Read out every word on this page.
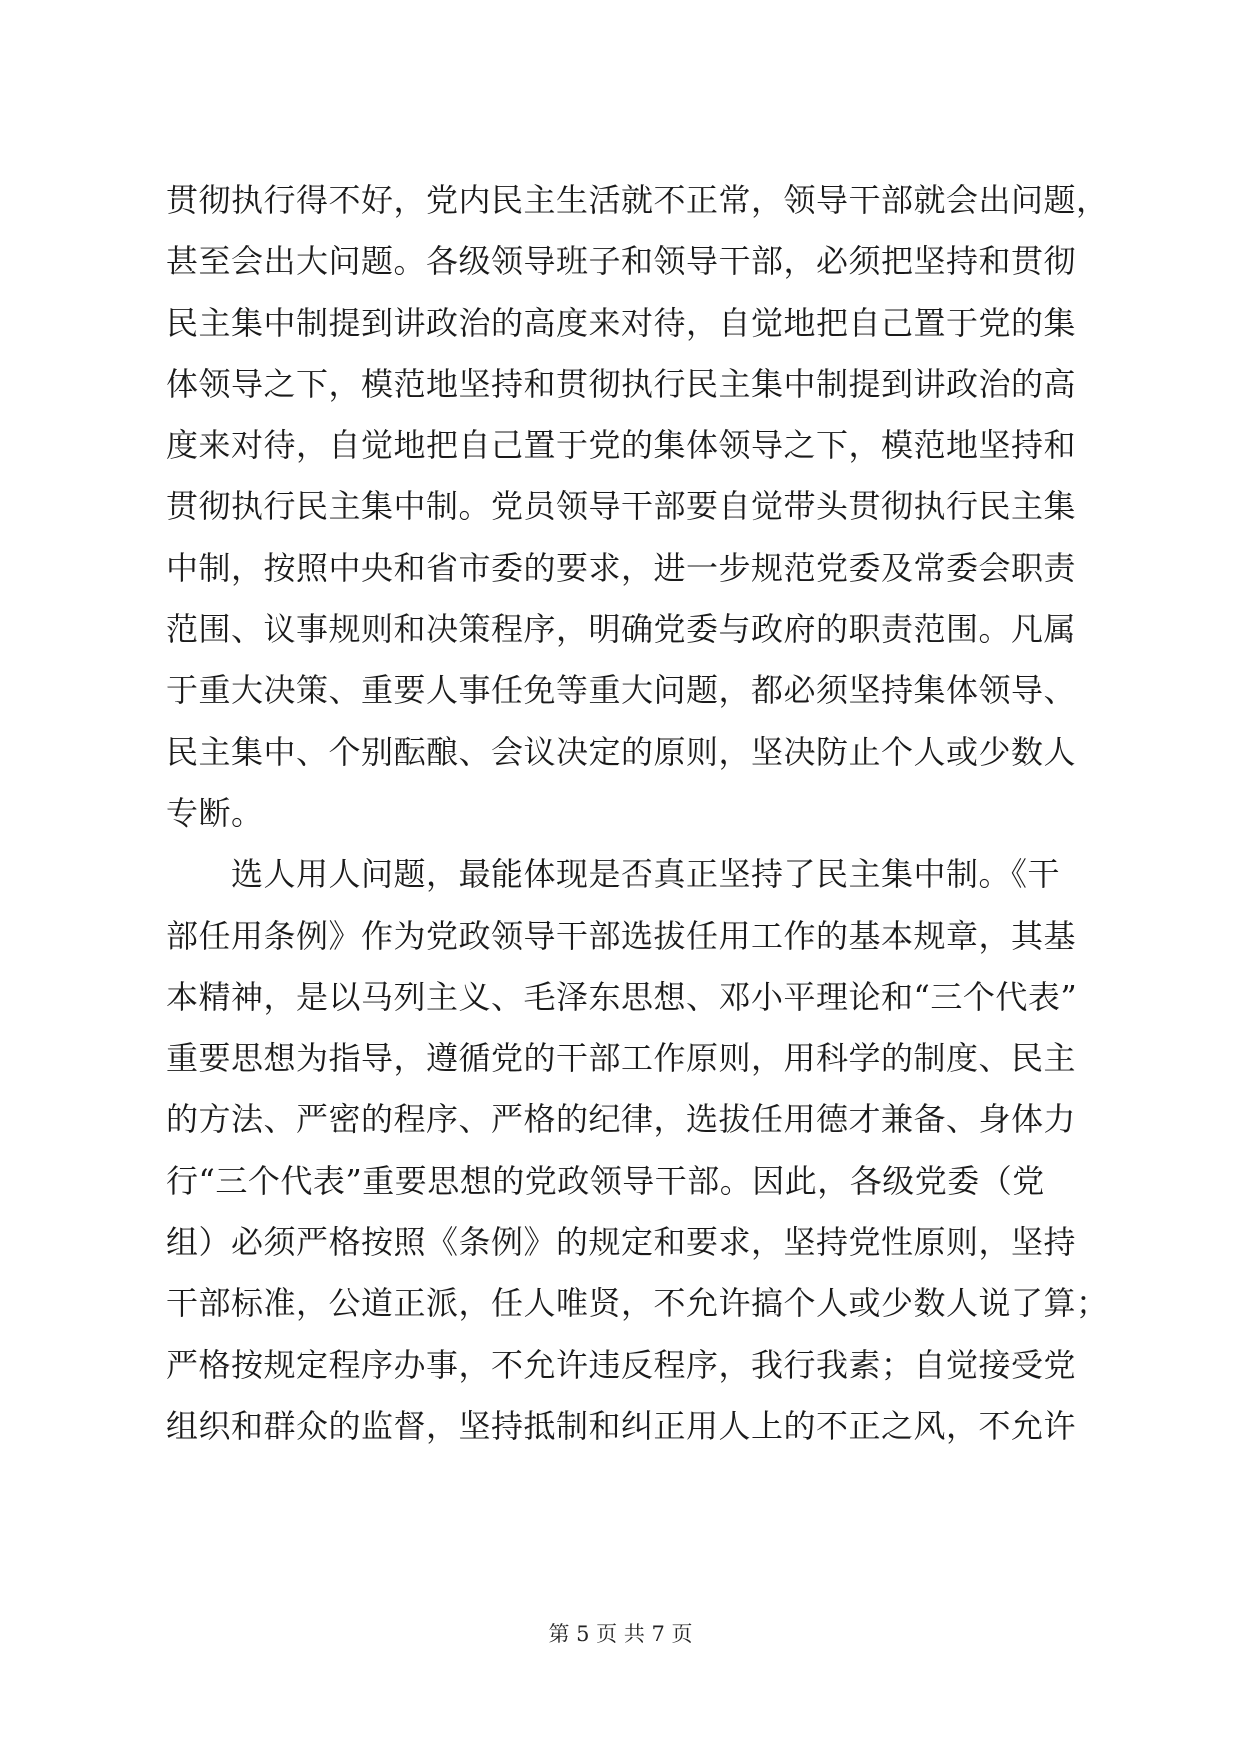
贯彻执行得不好，党内民主生活就不正常，领导干部就会出问题，
甚至会出大问题。各级领导班子和领导干部，必须把坚持和贯彻
民主集中制提到讲政治的高度来对待，自觉地把自己置于党的集
体领导之下，模范地坚持和贯彻执行民主集中制提到讲政治的高
度来对待，自觉地把自己置于党的集体领导之下，模范地坚持和
贯彻执行民主集中制。党员领导干部要自觉带头贯彻执行民主集
中制，按照中央和省市委的要求，进一步规范党委及常委会职责
范围、议事规则和决策程序，明确党委与政府的职责范围。凡属
于重大决策、重要人事任免等重大问题，都必须坚持集体领导、
民主集中、个别酝酿、会议决定的原则，坚决防止个人或少数人
专断。
　　选人用人问题，最能体现是否真正坚持了民主集中制。《干
部任用条例》作为党政领导干部选拔任用工作的基本规章，其基
本精神，是以马列主义、毛泽东思想、邓小平理论和“三个代表”
重要思想为指导，遵循党的干部工作原则，用科学的制度、民主
的方法、严密的程序、严格的纪律，选拔任用德才兼备、身体力
行“三个代表”重要思想的党政领导干部。因此，各级党委（党
组）必须严格按照《条例》的规定和要求，坚持党性原则，坚持
干部标准，公道正派，任人唯贤，不允许搞个人或少数人说了算；
严格按规定程序办事，不允许违反程序，我行我素；自觉接受党
组织和群众的监督，坚持抵制和纠正用人上的不正之风，不允许
第 5 页 共 7 页
